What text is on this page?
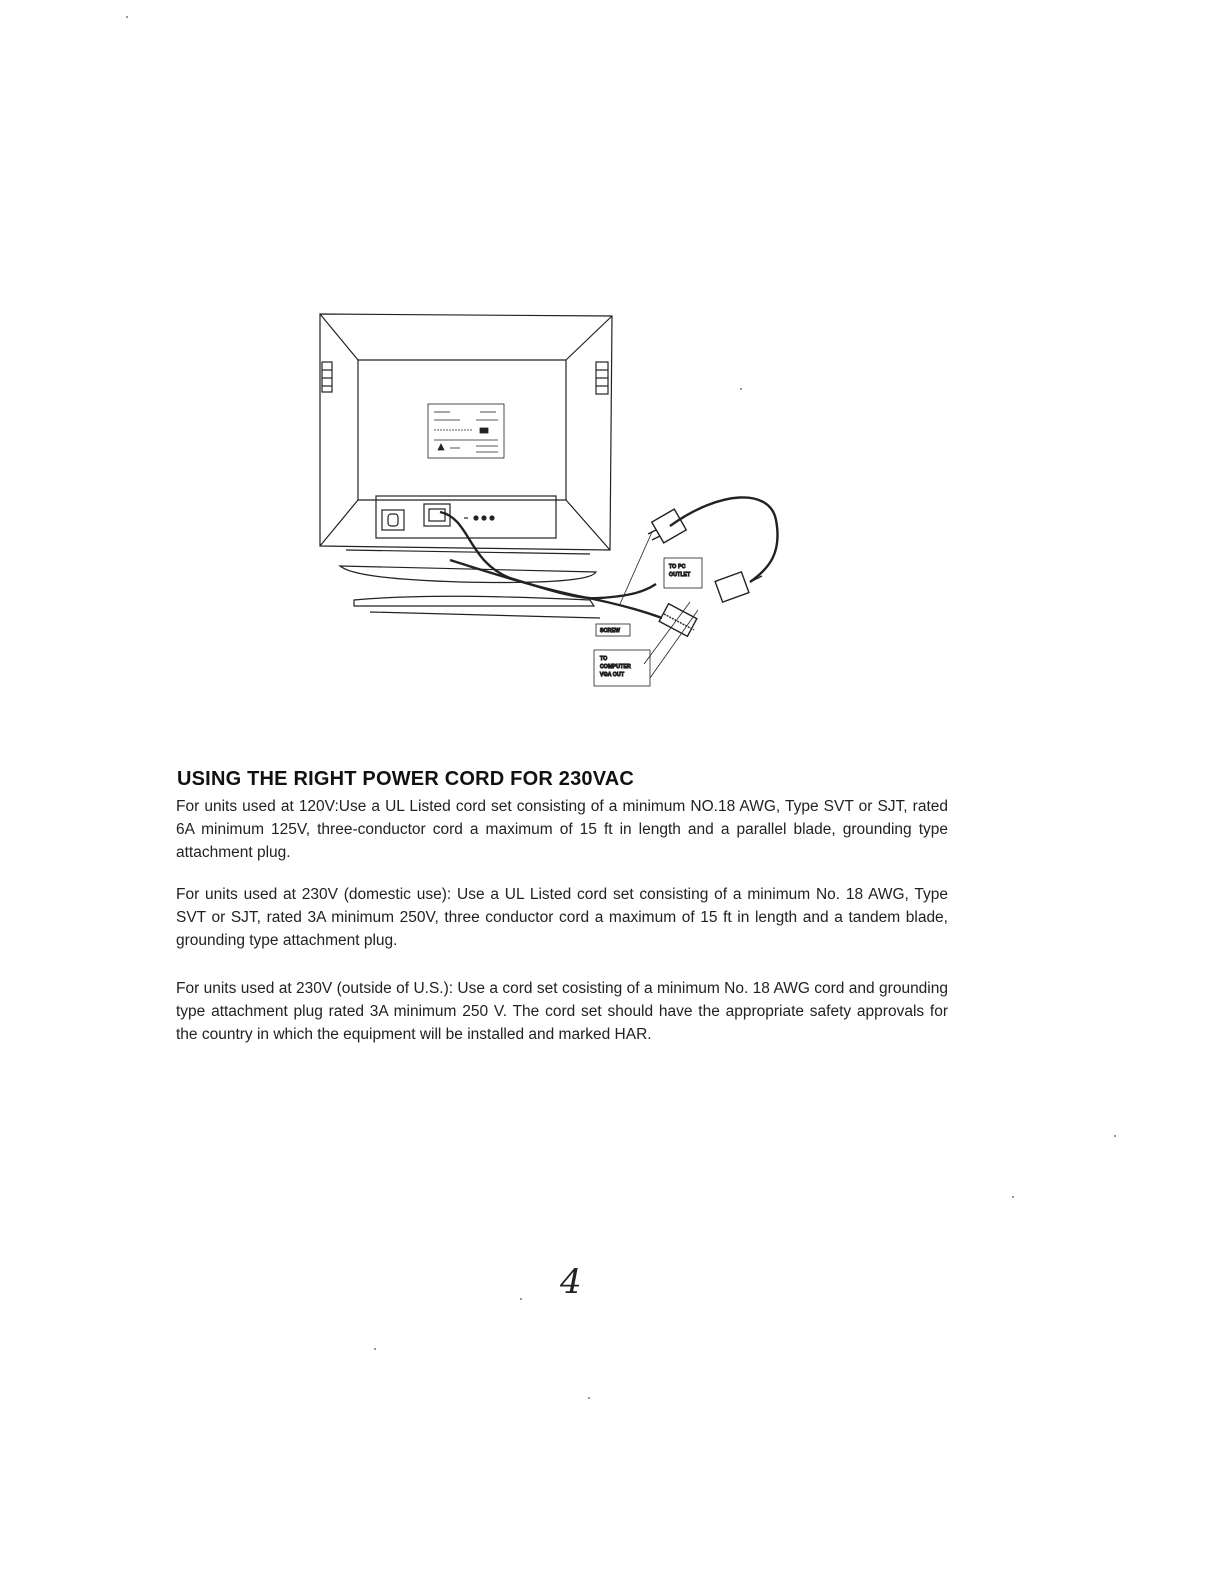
TO PC
OUTLET
SCREW
TO
COMPUTER
VGA OUT
USING THE RIGHT POWER CORD FOR 230VAC

For units used at 120V:Use a UL Listed cord set consisting of a minimum NO.18 AWG, Type SVT or SJT, rated 6A minimum 125V, three-conductor cord a maximum of 15 ft in length and a parallel blade, grounding type attachment plug.

For units used at 230V (domestic use): Use a UL Listed cord set consisting of a minimum No. 18 AWG, Type SVT or SJT, rated 3A minimum 250V, three conductor cord a maximum of 15 ft in length and a tandem blade, grounding type attachment plug.

For units used at 230V (outside of U.S.): Use a cord set cosisting of a minimum No. 18 AWG cord and grounding type attachment plug rated 3A minimum 250 V. The cord set should have the appropriate safety approvals for the country in which the equipment will be installed and marked HAR.

4
